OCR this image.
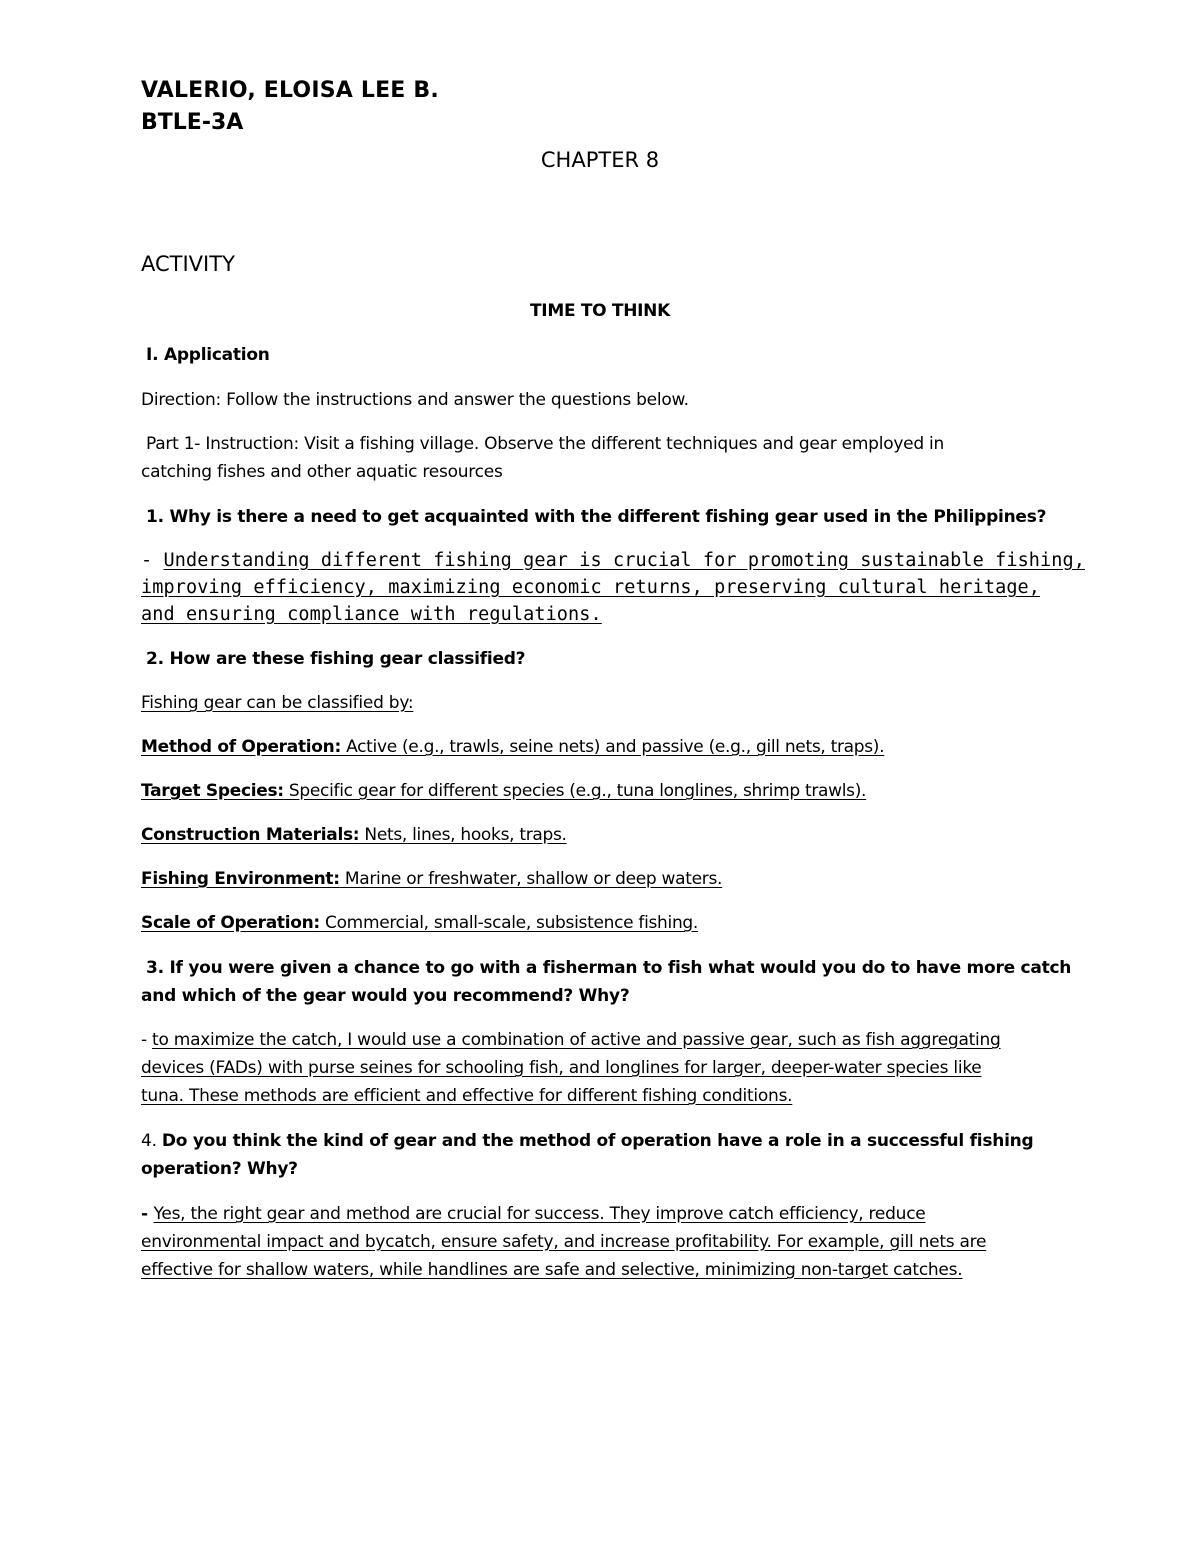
VALERIO, ELOISA LEE B.
BTLE-3A
CHAPTER 8
ACTIVITY
TIME TO THINK
I. Application
Direction: Follow the instructions and answer the questions below.
Part 1- Instruction: Visit a fishing village. Observe the different techniques and gear employed in
catching fishes and other aquatic resources
1. Why is there a need to get acquainted with the different fishing gear used in the Philippines?
- Understanding different fishing gear is crucial for promoting sustainable fishing,
improving efficiency, maximizing economic returns, preserving cultural heritage,
and ensuring compliance with regulations.
2. How are these fishing gear classified?
Fishing gear can be classified by:
Method of Operation: Active (e.g., trawls, seine nets) and passive (e.g., gill nets, traps).
Target Species: Specific gear for different species (e.g., tuna longlines, shrimp trawls).
Construction Materials: Nets, lines, hooks, traps.
Fishing Environment: Marine or freshwater, shallow or deep waters.
Scale of Operation: Commercial, small-scale, subsistence fishing.
3. If you were given a chance to go with a fisherman to fish what would you do to have more catch
and which of the gear would you recommend? Why?
- to maximize the catch, I would use a combination of active and passive gear, such as fish aggregating
devices (FADs) with purse seines for schooling fish, and longlines for larger, deeper-water species like
tuna. These methods are efficient and effective for different fishing conditions.
4. Do you think the kind of gear and the method of operation have a role in a successful fishing
operation? Why?
- Yes, the right gear and method are crucial for success. They improve catch efficiency, reduce
environmental impact and bycatch, ensure safety, and increase profitability. For example, gill nets are
effective for shallow waters, while handlines are safe and selective, minimizing non-target catches.
